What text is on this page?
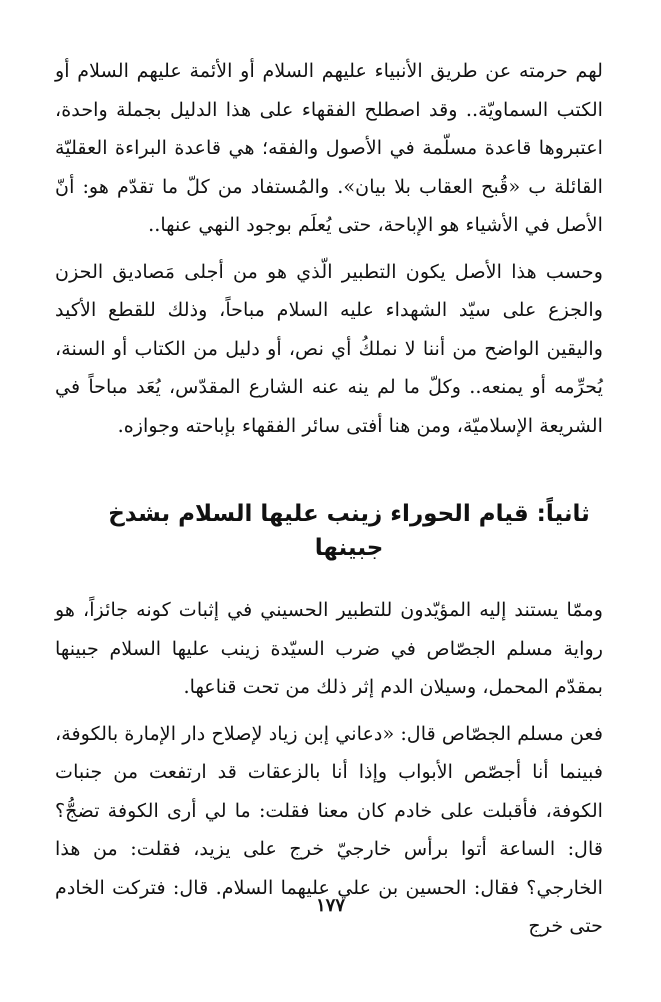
لهم حرمته عن طريق الأنبياء عليهم السلام أو الأئمة عليهم السلام أو الكتب السماويّة.. وقد اصطلح الفقهاء على هذا الدليل بجملة واحدة، اعتبروها قاعدة مسلّمة في الأصول والفقه؛ هي قاعدة البراءة العقليّة القائلة ب «قُبح العقاب بلا بيان». والمُستفاد من كلّ ما تقدّم هو: أنّ الأصل في الأشياء هو الإباحة، حتى يُعلَم بوجود النهي عنها..

وحسب هذا الأصل يكون التطبير الّذي هو من أجلى مَصاديق الحزن والجزع على سيّد الشهداء عليه السلام مباحاً، وذلك للقطع الأكيد واليقين الواضح من أننا لا نملكُ أي نص، أو دليل من الكتاب أو السنة، يُحرِّمه أو يمنعه.. وكلّ ما لم ينه عنه الشارع المقدّس، يُعَد مباحاً في الشريعة الإسلاميّة، ومن هنا أفتى سائر الفقهاء بإباحته وجوازه.

ثانياً: قيام الحوراء زينب عليها السلام بشدخ جبينها

وممّا يستند إليه المؤيّدون للتطبير الحسيني في إثبات كونه جائزاً، هو رواية مسلم الجصّاص في ضرب السيّدة زينب عليها السلام جبينها بمقدّم المحمل، وسيلان الدم إثر ذلك من تحت قناعها.

فعن مسلم الجصّاص قال: «دعاني إبن زياد لإصلاح دار الإمارة بالكوفة، فبينما أنا أجصّص الأبواب وإذا أنا بالزعقات قد ارتفعت من جنبات الكوفة، فأقبلت على خادم كان معنا فقلت: ما لي أرى الكوفة تضجُّ؟ قال: الساعة أتوا برأس خارجيّ خرج على يزيد، فقلت: من هذا الخارجي؟ فقال: الحسين بن علي عليهما السلام. قال: فتركت الخادم حتى خرج

١٧٧
